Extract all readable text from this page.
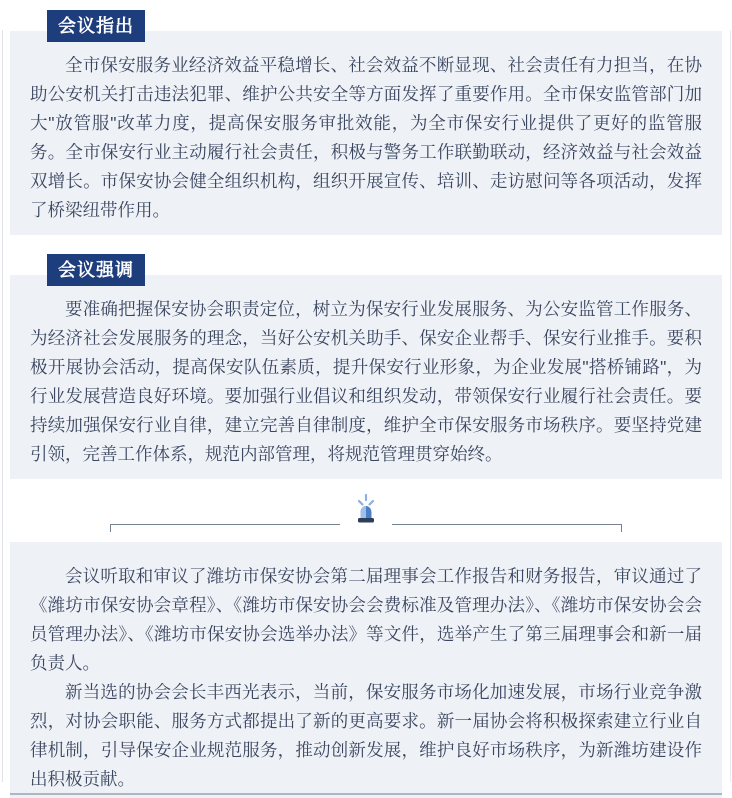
会议指出

全市保安服务业经济效益平稳增长、社会效益不断显现、社会责任有力担当，在协助公安机关打击违法犯罪、维护公共安全等方面发挥了重要作用。全市保安监管部门加大"放管服"改革力度，提高保安服务审批效能，为全市保安行业提供了更好的监管服务。全市保安行业主动履行社会责任，积极与警务工作联勤联动，经济效益与社会效益双增长。市保安协会健全组织机构，组织开展宣传、培训、走访慰问等各项活动，发挥了桥梁纽带作用。

会议强调

要准确把握保安协会职责定位，树立为保安行业发展服务、为公安监管工作服务、为经济社会发展服务的理念，当好公安机关助手、保安企业帮手、保安行业推手。要积极开展协会活动，提高保安队伍素质，提升保安行业形象，为企业发展"搭桥铺路"，为行业发展营造良好环境。要加强行业倡议和组织发动，带领保安行业履行社会责任。要持续加强保安行业自律，建立完善自律制度，维护全市保安服务市场秩序。要坚持党建引领，完善工作体系，规范内部管理，将规范管理贯穿始终。

会议听取和审议了潍坊市保安协会第二届理事会工作报告和财务报告，审议通过了《潍坊市保安协会章程》、《潍坊市保安协会会费标准及管理办法》、《潍坊市保安协会会员管理办法》、《潍坊市保安协会选举办法》等文件，选举产生了第三届理事会和新一届负责人。

新当选的协会会长丰西光表示，当前，保安服务市场化加速发展，市场行业竞争激烈，对协会职能、服务方式都提出了新的更高要求。新一届协会将积极探索建立行业自律机制，引导保安企业规范服务，推动创新发展，维护良好市场秩序，为新潍坊建设作出积极贡献。
